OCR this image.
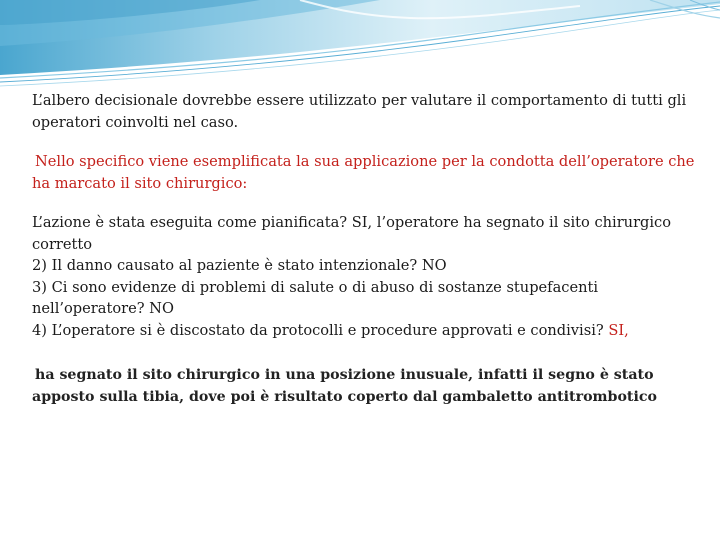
L’albero decisionale dovrebbe essere utilizzato per valutare il comportamento di tutti gli operatori coinvolti nel caso.

Nello specifico viene esemplificata la sua applicazione per la condotta dell’operatore che ha marcato il sito chirurgico:

L’azione è stata eseguita come pianificata? SI, l’operatore ha segnato il sito chirurgico corretto
2) Il danno causato al paziente è stato intenzionale? NO
3) Ci sono evidenze di problemi di salute o di abuso di sostanze stupefacenti nell’operatore? NO
4) L’operatore si è discostato da protocolli e procedure approvati e condivisi? SI,

ha segnato il sito chirurgico in una posizione inusuale, infatti il segno è stato apposto sulla tibia, dove poi è risultato coperto dal gambaletto antitrombotico
